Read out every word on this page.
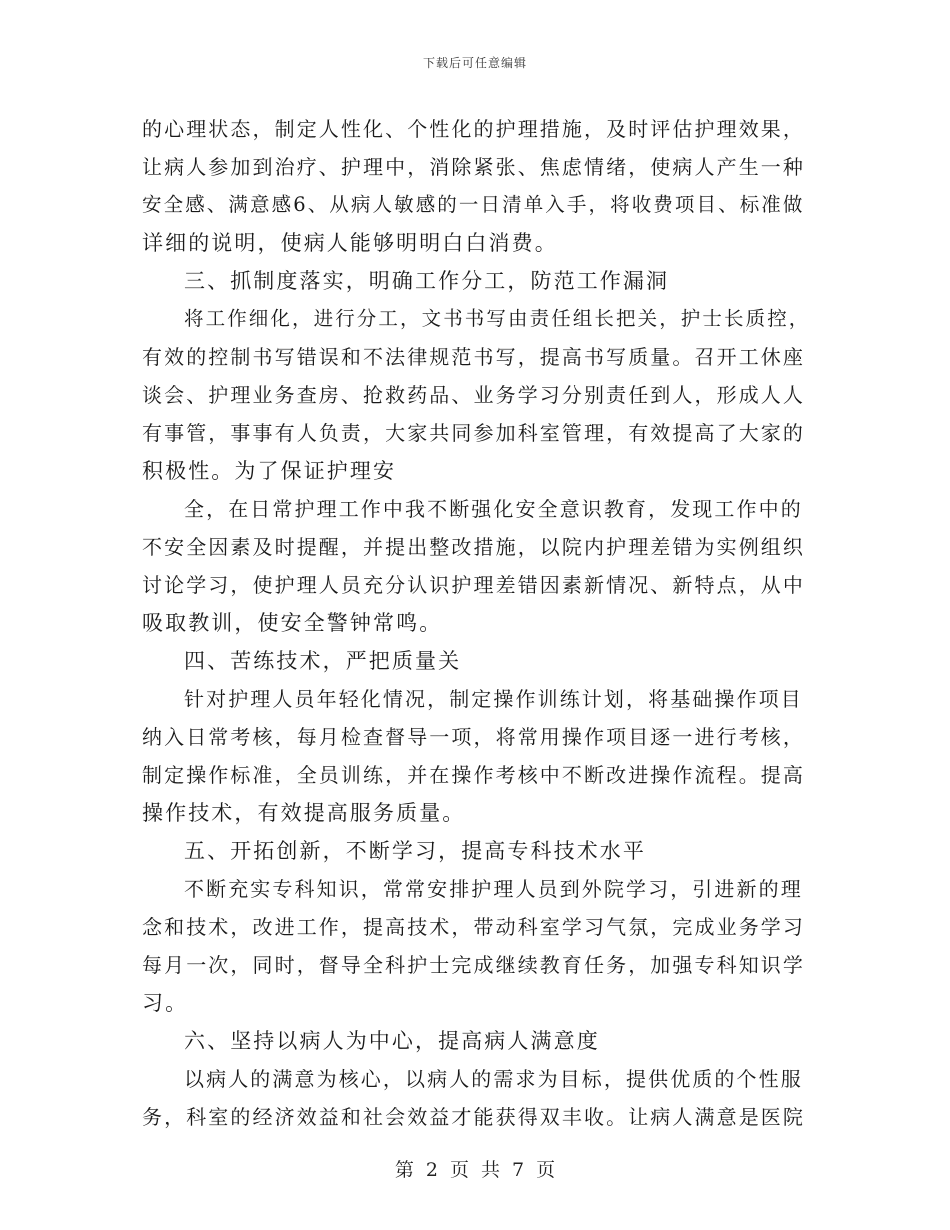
下载后可任意编辑
的心理状态，制定人性化、个性化的护理措施，及时评估护理效果，
让病人参加到治疗、护理中，消除紧张、焦虑情绪，使病人产生一种
安全感、满意感6、从病人敏感的一日清单入手，将收费项目、标准做
详细的说明，使病人能够明明白白消费。
三、抓制度落实，明确工作分工，防范工作漏洞
将工作细化，进行分工，文书书写由责任组长把关，护士长质控，
有效的控制书写错误和不法律规范书写，提高书写质量。召开工休座
谈会、护理业务查房、抢救药品、业务学习分别责任到人，形成人人
有事管，事事有人负责，大家共同参加科室管理，有效提高了大家的
积极性。为了保证护理安
全，在日常护理工作中我不断强化安全意识教育，发现工作中的
不安全因素及时提醒，并提出整改措施，以院内护理差错为实例组织
讨论学习，使护理人员充分认识护理差错因素新情况、新特点，从中
吸取教训，使安全警钟常鸣。
四、苦练技术，严把质量关
针对护理人员年轻化情况，制定操作训练计划，将基础操作项目
纳入日常考核，每月检查督导一项，将常用操作项目逐一进行考核，
制定操作标准，全员训练，并在操作考核中不断改进操作流程。提高
操作技术，有效提高服务质量。
五、开拓创新，不断学习，提高专科技术水平
不断充实专科知识，常常安排护理人员到外院学习，引进新的理
念和技术，改进工作，提高技术，带动科室学习气氛，完成业务学习
每月一次，同时，督导全科护士完成继续教育任务，加强专科知识学
习。
六、坚持以病人为中心，提高病人满意度
以病人的满意为核心，以病人的需求为目标，提供优质的个性服
务，科室的经济效益和社会效益才能获得双丰收。让病人满意是医院
第 2 页 共 7 页
